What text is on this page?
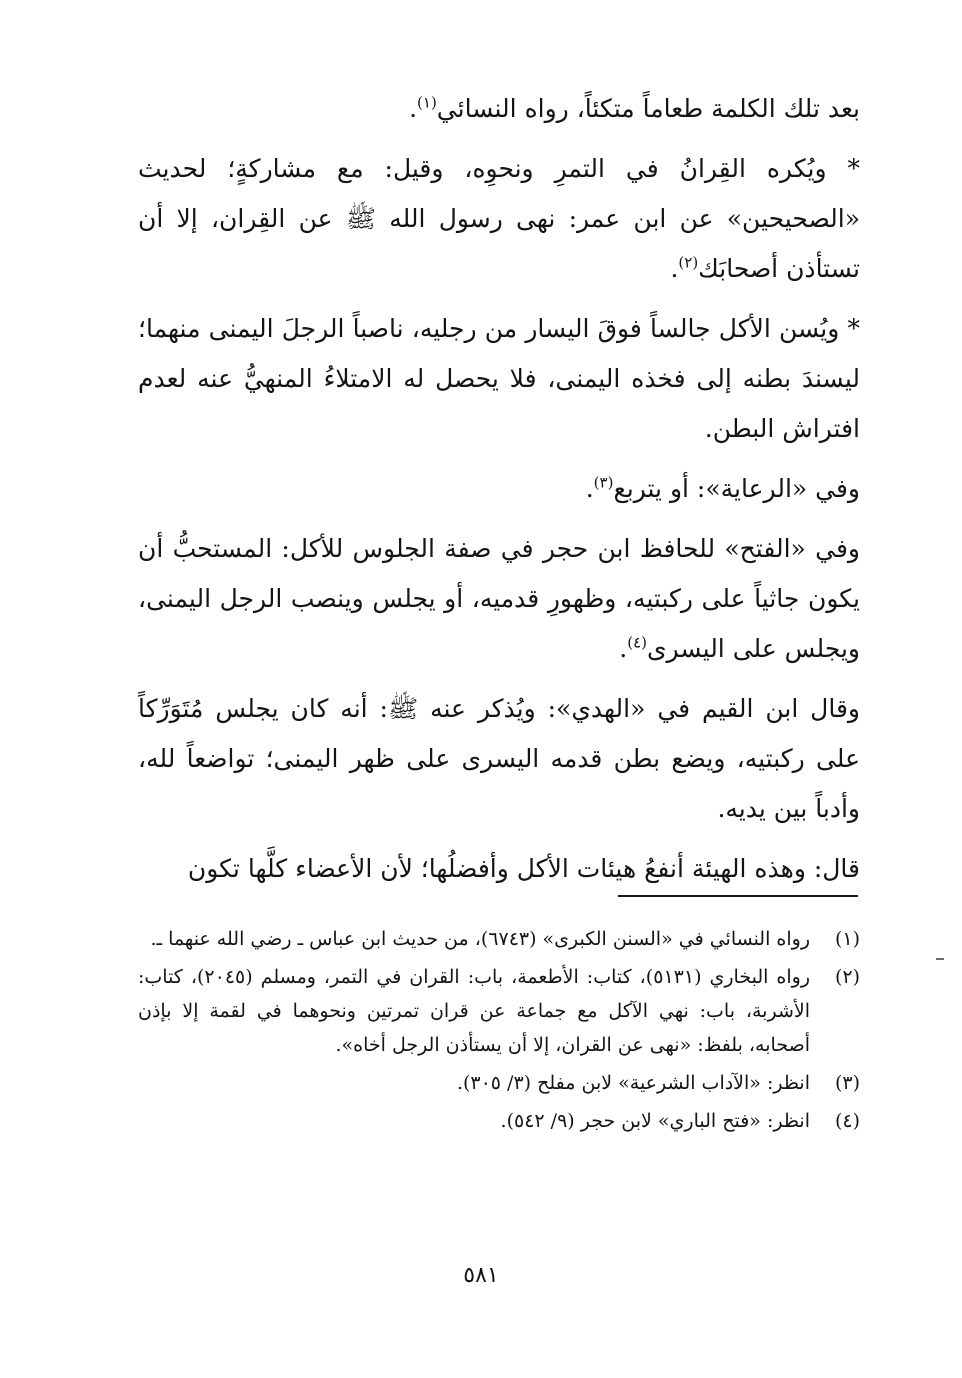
بعد تلك الكلمة طعاماً متكئاً، رواه النسائي$^{(١)}$.

* ويُكره القِرانُ في التمرِ ونحوِه، وقيل: مع مشاركةٍ؛ لحديث «الصحيحين» عن ابن عمر: نهى رسول الله ﷺ عن القِران، إلا أن تستأذن أصحابَك$^{(٢)}$.

* ويُسن الأكل جالساً فوقَ اليسار من رجليه، ناصباً الرجلَ اليمنى منهما؛ ليسندَ بطنه إلى فخذه اليمنى، فلا يحصل له الامتلاءُ المنهيُّ عنه لعدم افتراش البطن.

وفي «الرعاية»: أو يتربع$^{(٣)}$.

وفي «الفتح» للحافظ ابن حجر في صفة الجلوس للأكل: المستحبُّ أن يكون جاثياً على ركبتيه، وظهورِ قدميه، أو يجلس وينصب الرجل اليمنى، ويجلس على اليسرى$^{(٤)}$.

وقال ابن القيم في «الهدي»: ويُذكر عنه ﷺ: أنه كان يجلس مُتَوَرِّكاً على ركبتيه، ويضع بطن قدمه اليسرى على ظهر اليمنى؛ تواضعاً لله، وأدباً بين يديه.

قال: وهذه الهيئة أنفعُ هيئات الأكل وأفضلُها؛ لأن الأعضاء كلَّها تكون

(١)
رواه النسائي في «السنن الكبرى» (٦٧٤٣)، من حديث ابن عباس ـ رضي الله عنهما ـ.
(٢)
رواه البخاري (٥١٣١)، كتاب: الأطعمة، باب: القران في التمر، ومسلم (٢٠٤٥)، كتاب: الأشربة، باب: نهي الآكل مع جماعة عن قران تمرتين ونحوهما في لقمة إلا بإذن أصحابه، بلفظ: «نهى عن القران، إلا أن يستأذن الرجل أخاه».
(٣)
انظر: «الآداب الشرعية» لابن مفلح (٣/ ٣٠٥).
(٤)
انظر: «فتح الباري» لابن حجر (٩/ ٥٤٢).
٥٨١
